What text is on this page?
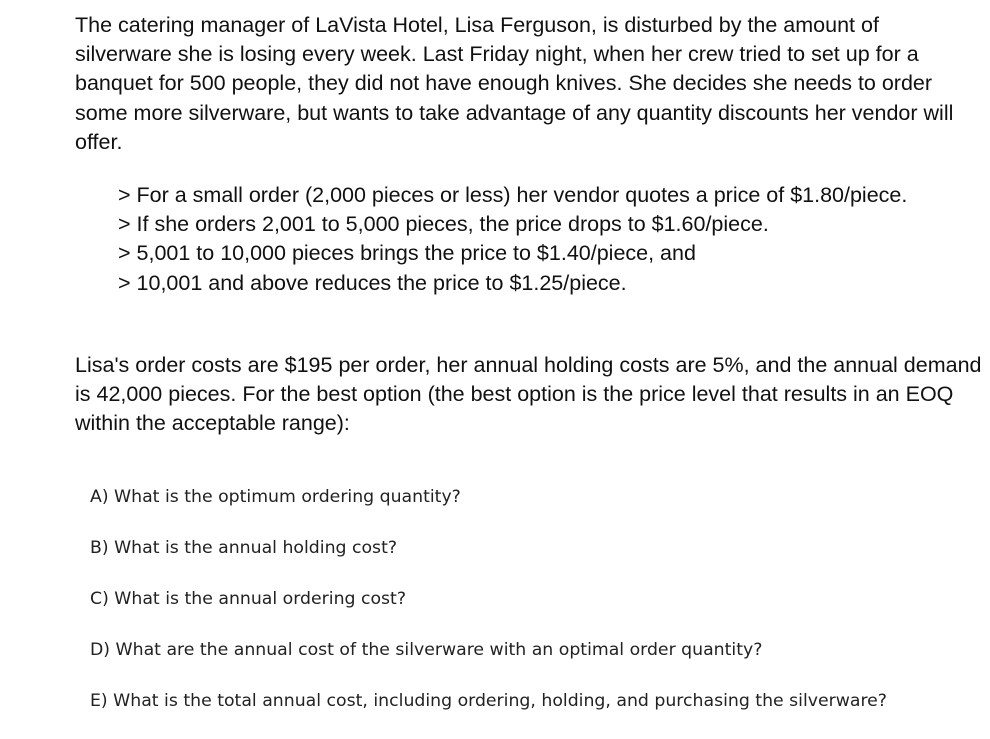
The catering manager of LaVista Hotel, Lisa Ferguson, is disturbed by the amount of silverware she is losing every week. Last Friday night, when her crew tried to set up for a banquet for 500 people, they did not have enough knives. She decides she needs to order some more silverware, but wants to take advantage of any quantity discounts her vendor will offer.

> For a small order (2,000 pieces or less) her vendor quotes a price of $1.80/piece.
> If she orders 2,001 to 5,000 pieces, the price drops to $1.60/piece.
> 5,001 to 10,000 pieces brings the price to $1.40/piece, and
> 10,001 and above reduces the price to $1.25/piece.

Lisa's order costs are $195 per order, her annual holding costs are 5%, and the annual demand is 42,000 pieces. For the best option (the best option is the price level that results in an EOQ within the acceptable range):

A) What is the optimum ordering quantity?
B) What is the annual holding cost?
C) What is the annual ordering cost?
D) What are the annual cost of the silverware with an optimal order quantity?
E) What is the total annual cost, including ordering, holding, and purchasing the silverware?
